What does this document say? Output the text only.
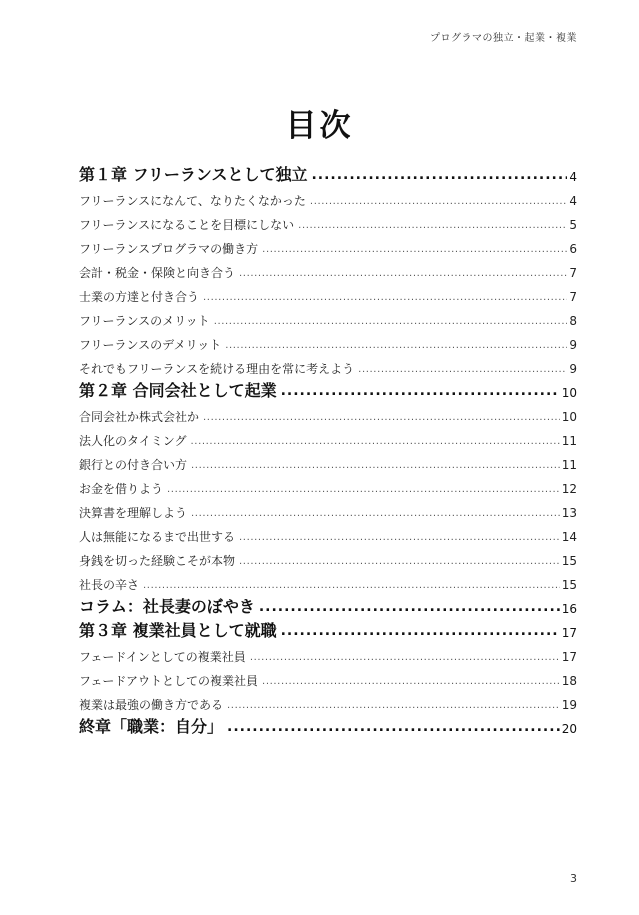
プログラマの独立・起業・複業
目次
第１章 フリーランスとして独立 .....	4
フリーランスになんて、なりたくなかった .....	4
フリーランスになることを目標にしない .....	5
フリーランスプログラマの働き方 .....	6
会計・税金・保険と向き合う .....	7
士業の方達と付き合う .....	7
フリーランスのメリット .....	8
フリーランスのデメリット .....	9
それでもフリーランスを続ける理由を常に考えよう .....	9
第２章 合同会社として起業 .....	10
合同会社か株式会社か .....	10
法人化のタイミング .....	11
銀行との付き合い方 .....	11
お金を借りよう .....	12
決算書を理解しよう .....	13
人は無能になるまで出世する .....	14
身銭を切った経験こそが本物 .....	15
社長の辛さ .....	15
コラム：社長妻のぼやき .....	16
第３章 複業社員として就職 .....	17
フェードインとしての複業社員 .....	17
フェードアウトとしての複業社員 .....	18
複業は最強の働き方である .....	19
終章「職業：自分」 .....	20
3
